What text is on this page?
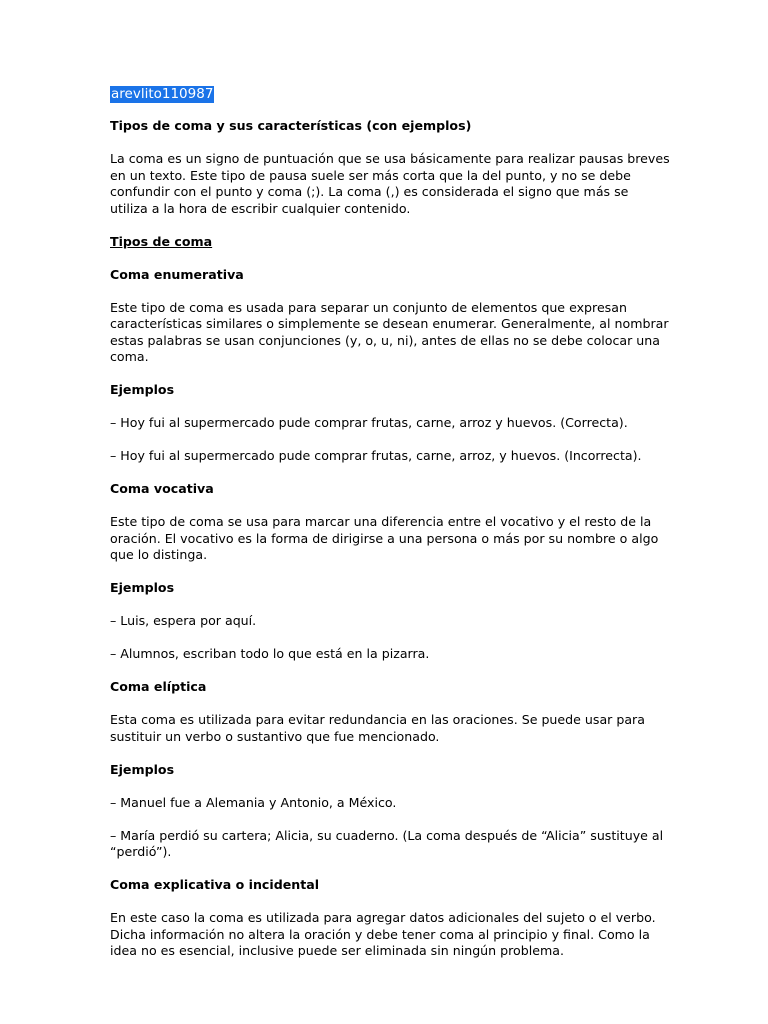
arevlito110987

Tipos de coma y sus características (con ejemplos)

La coma es un signo de puntuación que se usa básicamente para realizar pausas breves en un texto. Este tipo de pausa suele ser más corta que la del punto, y no se debe confundir con el punto y coma (;). La coma (,) es considerada el signo que más se utiliza a la hora de escribir cualquier contenido.

Tipos de coma

Coma enumerativa

Este tipo de coma es usada para separar un conjunto de elementos que expresan características similares o simplemente se desean enumerar. Generalmente, al nombrar estas palabras se usan conjunciones (y, o, u, ni), antes de ellas no se debe colocar una coma.

Ejemplos

– Hoy fui al supermercado pude comprar frutas, carne, arroz y huevos. (Correcta).

– Hoy fui al supermercado pude comprar frutas, carne, arroz, y huevos. (Incorrecta).

Coma vocativa

Este tipo de coma se usa para marcar una diferencia entre el vocativo y el resto de la oración. El vocativo es la forma de dirigirse a una persona o más por su nombre o algo que lo distinga.

Ejemplos

– Luis, espera por aquí.

– Alumnos, escriban todo lo que está en la pizarra.

Coma elíptica

Esta coma es utilizada para evitar redundancia en las oraciones. Se puede usar para sustituir un verbo o sustantivo que fue mencionado.

Ejemplos

– Manuel fue a Alemania y Antonio, a México.

– María perdió su cartera; Alicia, su cuaderno. (La coma después de “Alicia” sustituye al “perdió”).

Coma explicativa o incidental

En este caso la coma es utilizada para agregar datos adicionales del sujeto o el verbo. Dicha información no altera la oración y debe tener coma al principio y final. Como la idea no es esencial, inclusive puede ser eliminada sin ningún problema.
